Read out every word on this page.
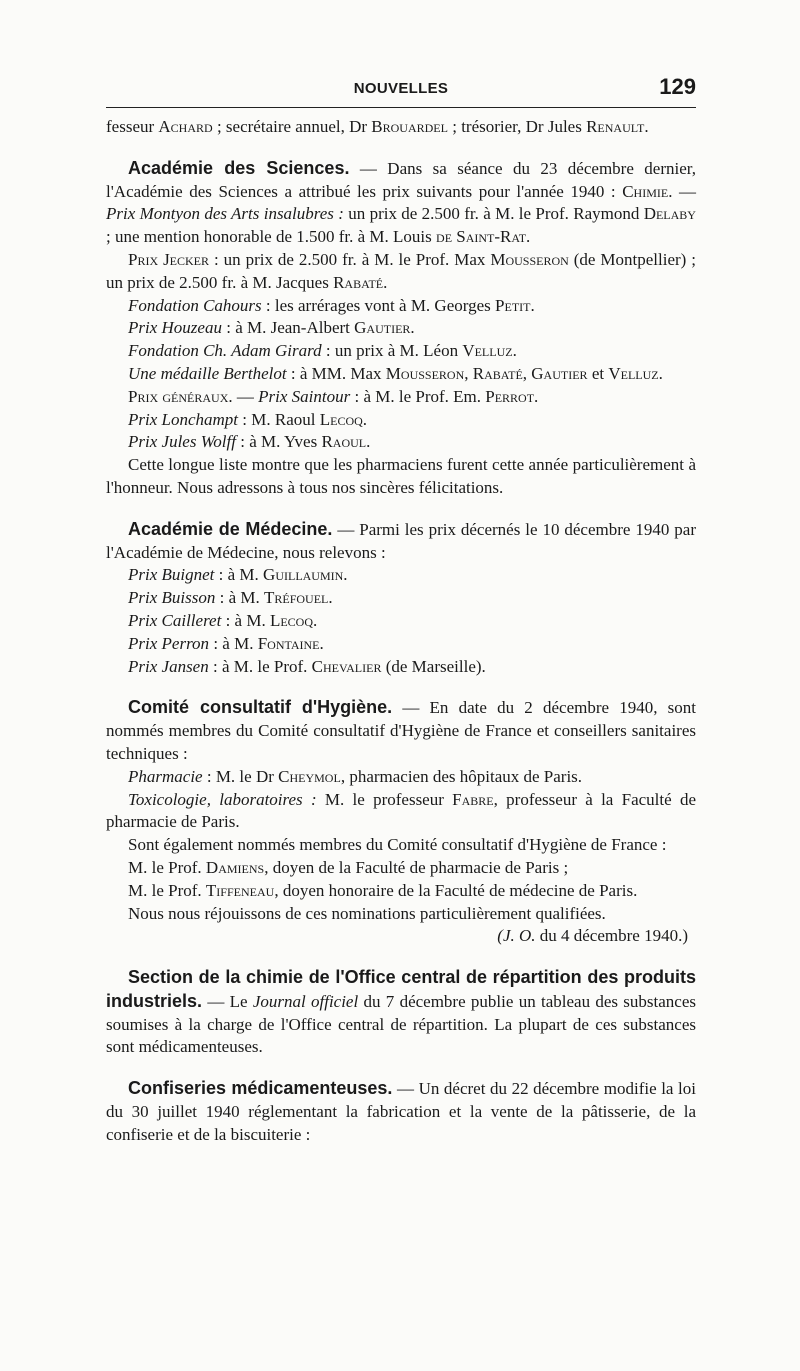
NOUVELLES	129

fesseur Achard ; secrétaire annuel, Dr Brouardel ; trésorier, Dr Jules Renault.

Académie des Sciences. — Dans sa séance du 23 décembre dernier, l'Académie des Sciences a attribué les prix suivants pour l'année 1940 : Chimie. — Prix Montyon des Arts insalubres : un prix de 2.500 fr. à M. le Prof. Raymond Delaby ; une mention honorable de 1.500 fr. à M. Louis de Saint-Rat.

Prix Jecker : un prix de 2.500 fr. à M. le Prof. Max Mousseron (de Montpellier) ; un prix de 2.500 fr. à M. Jacques Rabaté.

Fondation Cahours : les arrérages vont à M. Georges Petit.

Prix Houzeau : à M. Jean-Albert Gautier.

Fondation Ch. Adam Girard : un prix à M. Léon Velluz.

Une médaille Berthelot : à MM. Max Mousseron, Rabaté, Gautier et Velluz.

Prix généraux. — Prix Saintour : à M. le Prof. Em. Perrot.

Prix Lonchampt : M. Raoul Lecoq.

Prix Jules Wolff : à M. Yves Raoul.

Cette longue liste montre que les pharmaciens furent cette année particulièrement à l'honneur. Nous adressons à tous nos sincères félicitations.

Académie de Médecine. — Parmi les prix décernés le 10 décembre 1940 par l'Académie de Médecine, nous relevons :

Prix Buignet : à M. Guillaumin.

Prix Buisson : à M. Tréfouel.

Prix Cailleret : à M. Lecoq.

Prix Perron : à M. Fontaine.

Prix Jansen : à M. le Prof. Chevalier (de Marseille).

Comité consultatif d'Hygiène. — En date du 2 décembre 1940, sont nommés membres du Comité consultatif d'Hygiène de France et conseillers sanitaires techniques :

Pharmacie : M. le Dr Cheymol, pharmacien des hôpitaux de Paris.

Toxicologie, laboratoires : M. le professeur Fabre, professeur à la Faculté de pharmacie de Paris.

Sont également nommés membres du Comité consultatif d'Hygiène de France :

M. le Prof. Damiens, doyen de la Faculté de pharmacie de Paris ;

M. le Prof. Tiffeneau, doyen honoraire de la Faculté de médecine de Paris.

Nous nous réjouissons de ces nominations particulièrement qualifiées.

(J. O. du 4 décembre 1940.)

Section de la chimie de l'Office central de répartition des produits industriels. — Le Journal officiel du 7 décembre publie un tableau des substances soumises à la charge de l'Office central de répartition. La plupart de ces substances sont médicamenteuses.

Confiseries médicamenteuses. — Un décret du 22 décembre modifie la loi du 30 juillet 1940 réglementant la fabrication et la vente de la pâtisserie, de la confiserie et de la biscuiterie :
